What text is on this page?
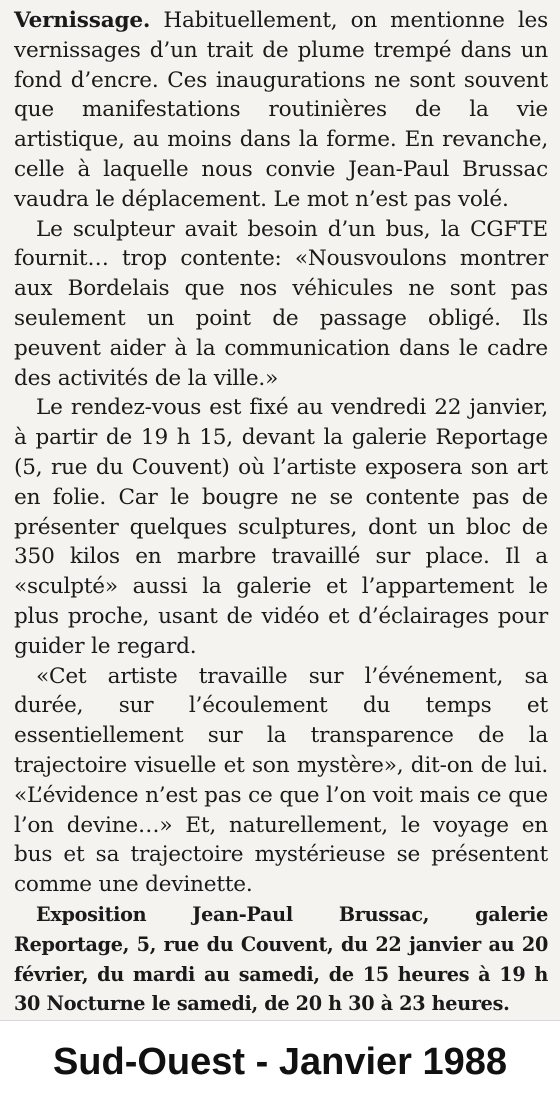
Vernissage. Habituellement, on mentionne les vernissages d’un trait de plume trempé dans un fond d’encre. Ces inaugurations ne sont souvent que manifestations routinières de la vie artistique, au moins dans la forme. En revanche, celle à laquelle nous convie Jean-Paul Brussac vaudra le déplacement. Le mot n’est pas volé.

Le sculpteur avait besoin d’un bus, la CGFTE fournit… trop contente: «Nousvoulons montrer aux Bordelais que nos véhicules ne sont pas seulement un point de passage obligé. Ils peuvent aider à la communication dans le cadre des activités de la ville.»

Le rendez-vous est fixé au vendredi 22 janvier, à partir de 19 h 15, devant la galerie Reportage (5, rue du Couvent) où l’artiste exposera son art en folie. Car le bougre ne se contente pas de présenter quelques sculptures, dont un bloc de 350 kilos en marbre travaillé sur place. Il a «sculpté» aussi la galerie et l’appartement le plus proche, usant de vidéo et d’éclairages pour guider le regard.

«Cet artiste travaille sur l’événement, sa durée, sur l’écoulement du temps et essentiellement sur la transparence de la trajectoire visuelle et son mystère», dit-on de lui. «L’évidence n’est pas ce que l’on voit mais ce que l’on devine…» Et, naturellement, le voyage en bus et sa trajectoire mystérieuse se présentent comme une devinette.

Exposition Jean-Paul Brussac, galerie Reportage, 5, rue du Couvent, du 22 janvier au 20 février, du mardi au samedi, de 15 heures à 19 h 30 Nocturne le samedi, de 20 h 30 à 23 heures.

Sud-Ouest - Janvier 1988
